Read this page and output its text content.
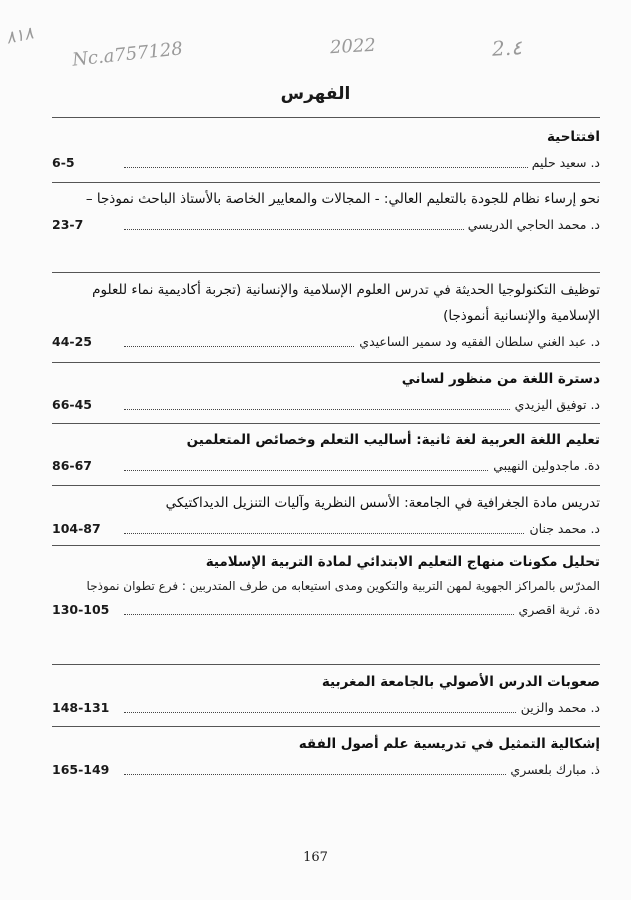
٨١٨
Nc.a757128	2022	2.٤
الفهرس
افتتاحية
د. سعيد حليم
6-5
نحو إرساء نظام للجودة بالتعليم العالي: - المجالات والمعايير الخاصة بالأستاذ الباحث نموذجا –
د. محمد الحاجي الدريسي
23-7
توظيف التكنولوجيا الحديثة في تدرس العلوم الإسلامية والإنسانية (تجربة أكاديمية نماء للعلوم الإسلامية والإنسانية أنموذجا)
د. عبد الغني سلطان الفقيه ود سمير الساعيدي
44-25
دسترة اللغة من منظور لساني
د. توفيق اليزيدي
66-45
تعليم اللغة العربية لغة ثانية: أساليب التعلم وخصائص المتعلمين
دة. ماجدولين النهيبي
86-67
تدريس مادة الجغرافية في الجامعة: الأسس النظرية وآليات التنزيل الديداكتيكي
د. محمد جنان
104-87
تحليل مكونات منهاج التعليم الابتدائي لمادة التربية الإسلامية
المدرّس بالمراكز الجهوية لمهن التربية والتكوين ومدى استيعابه من طرف المتدربين : فرع تطوان نموذجا
دة. ثرية اقصري
130-105
صعوبات الدرس الأصولي بالجامعة المغربية
د. محمد والزين
148-131
إشكالية التمثيل في تدريسية علم أصول الفقه
ذ. مبارك بلعسري
165-149
167
